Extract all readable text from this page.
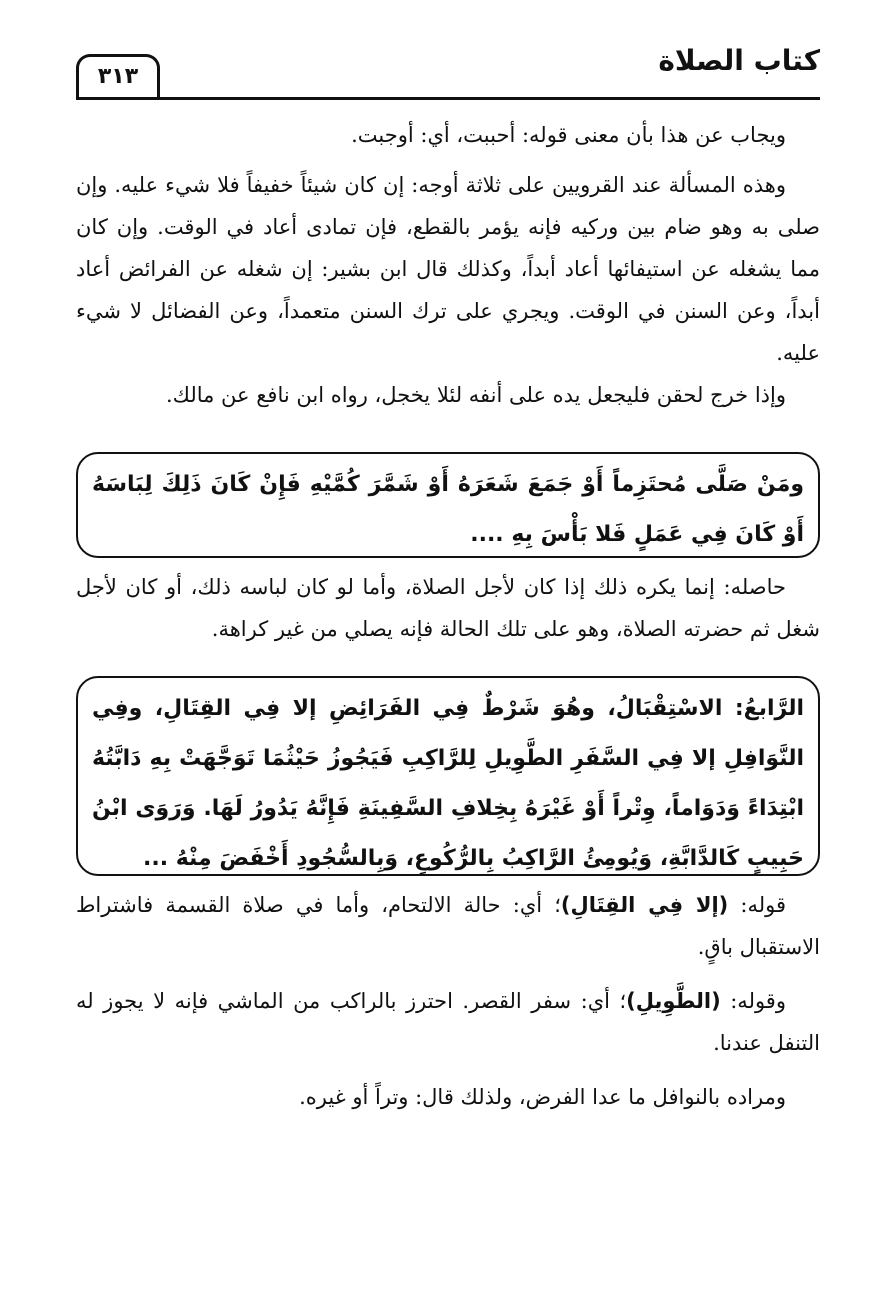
٣١٣	كتاب الصلاة

ويجاب عن هذا بأن معنى قوله: أحببت، أي: أوجبت.

وهذه المسألة عند القرويين على ثلاثة أوجه: إن كان شيئاً خفيفاً فلا شيء عليه. وإن صلى به وهو ضام بين وركيه فإنه يؤمر بالقطع، فإن تمادى أعاد في الوقت. وإن كان مما يشغله عن استيفائها أعاد أبداً، وكذلك قال ابن بشير: إن شغله عن الفرائض أعاد أبداً، وعن السنن في الوقت. ويجري على ترك السنن متعمداً، وعن الفضائل لا شيء عليه.

وإذا خرج لحقن فليجعل يده على أنفه لئلا يخجل، رواه ابن نافع عن مالك.

ومَنْ صَلَّى مُحتَزِماً أَوْ جَمَعَ شَعَرَهُ أَوْ شَمَّرَ كُمَّيْهِ فَإِنْ كَانَ ذَلِكَ لِبَاسَهُ أَوْ كَانَ فِي عَمَلٍ فَلا بَأْسَ بِهِ ....

حاصله: إنما يكره ذلك إذا كان لأجل الصلاة، وأما لو كان لباسه ذلك، أو كان لأجل شغل ثم حضرته الصلاة، وهو على تلك الحالة فإنه يصلي من غير كراهة.

الرَّابعُ: الاسْتِقْبَالُ، وهُوَ شَرْطٌ فِي الفَرَائِضِ إلا فِي القِتَالِ، وفِي النَّوَافِلِ إلا فِي السَّفَرِ الطَّوِيلِ لِلرَّاكِبِ فَيَجُوزُ حَيْثُمَا تَوَجَّهَتْ بِهِ دَابَّتُهُ ابْتِدَاءً وَدَوَاماً، وِتْراً أَوْ غَيْرَهُ بِخِلافِ السَّفِينَةِ فَإِنَّهُ يَدُورُ لَهَا. وَرَوَى ابْنُ حَبِيبٍ كَالدَّابَّةِ، وَيُومِئُ الرَّاكِبُ بِالرُّكُوعِ، وَبِالسُّجُودِ أَخْفَضَ مِنْهُ ...

قوله: (إلا فِي القِتَالِ)؛ أي: حالة الالتحام، وأما في صلاة القسمة فاشتراط الاستقبال باقٍ.

وقوله: (الطَّوِيلِ)؛ أي: سفر القصر. احترز بالراكب من الماشي فإنه لا يجوز له التنفل عندنا.

ومراده بالنوافل ما عدا الفرض، ولذلك قال: وتراً أو غيره.
